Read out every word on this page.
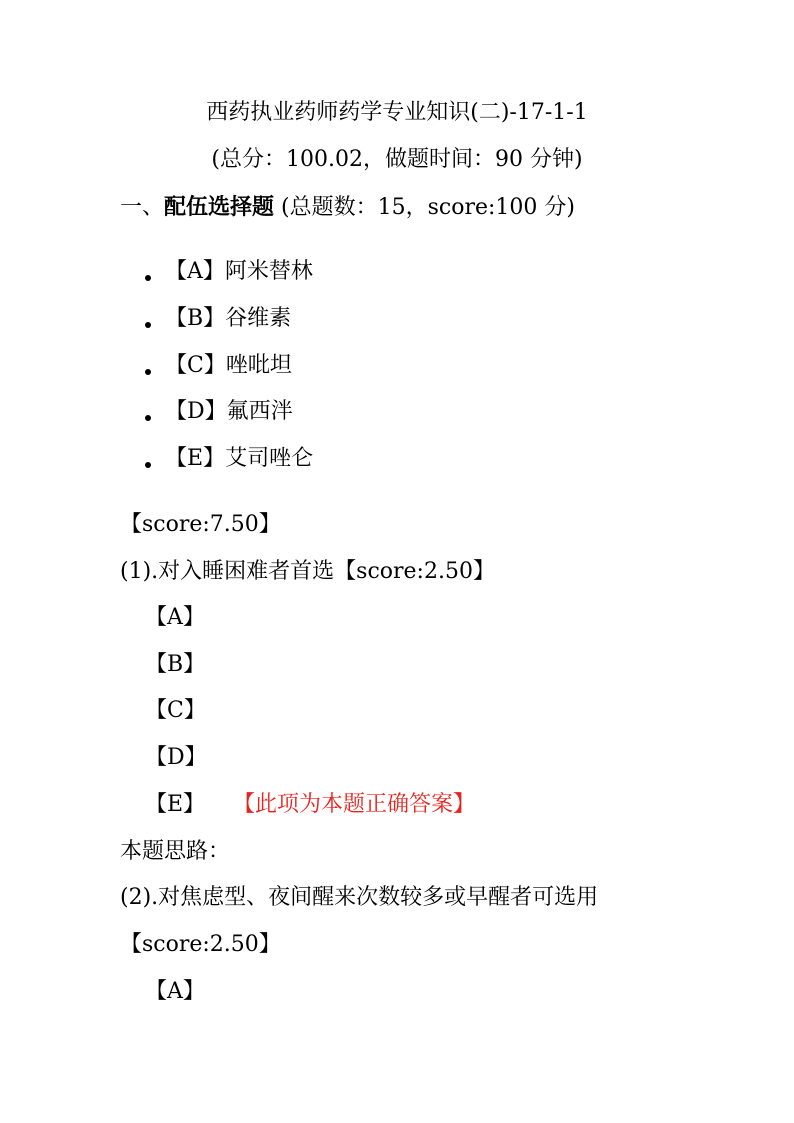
西药执业药师药学专业知识(二)-17-1-1
(总分：100.02，做题时间：90 分钟)
一、配伍选择题 (总题数：15，score:100 分)
【A】阿米替林
【B】谷维素
【C】唑吡坦
【D】氟西泮
【E】艾司唑仑
【score:7.50】
(1).对入睡困难者首选【score:2.50】
【A】
【B】
【C】
【D】
【E】 【此项为本题正确答案】
本题思路：
(2).对焦虑型、夜间醒来次数较多或早醒者可选用
【score:2.50】
【A】
